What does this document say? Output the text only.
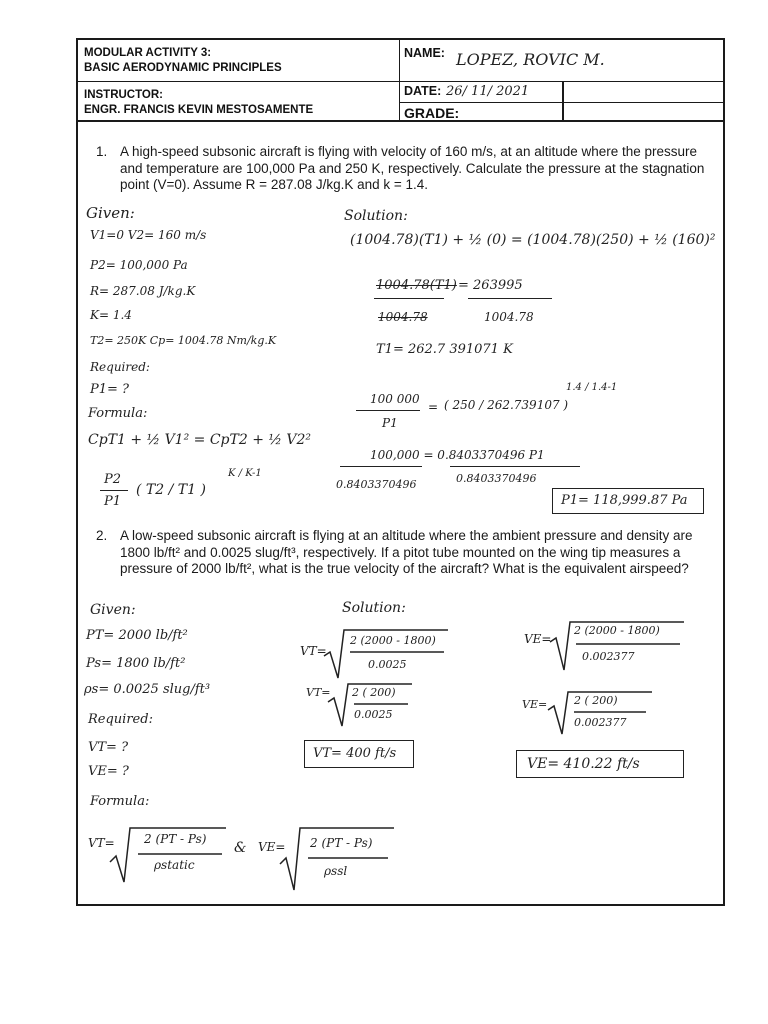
MODULAR ACTIVITY 3:
BASIC AERODYNAMIC PRINCIPLES
NAME: LOPEZ, ROVIC M.
INSTRUCTOR:
ENGR. FRANCIS KEVIN MESTOSAMENTE
DATE: 26/ 11/ 2021
GRADE:
1. A high-speed subsonic aircraft is flying with velocity of 160 m/s, at an altitude where the pressure and temperature are 100,000 Pa and 250 K, respectively. Calculate the pressure at the stagnation point (V=0). Assume R = 287.08 J/kg.K and k = 1.4.
Given:
V1=0 V2= 160 m/s
P2= 100,000 Pa
R= 287.08 J/kg.K
K= 1.4
T2= 250K Cp= 1004.78 Nm/kg.K
Required:
P1= ?
Formula:
CpT1 + ½ V1² = CpT2 + ½ V2²
P2
P1
( T2 / T1 )
K / K-1
Solution:
(1004.78)(T1) + ½ (0) = (1004.78)(250) + ½ (160)²
1004.78(T1) = 263995
1004.78	1004.78
T1= 262.7 391071 K
100 000
P1
= ( 250 / 262.739107 )
1.4 / 1.4-1
100,000 = 0.8403370496 P1
0.8403370496	0.8403370496
P1= 118,999.87 Pa
2. A low-speed subsonic aircraft is flying at an altitude where the ambient pressure and density are 1800 lb/ft² and 0.0025 slug/ft³, respectively. If a pitot tube mounted on the wing tip measures a pressure of 2000 lb/ft², what is the true velocity of the aircraft? What is the equivalent airspeed?
Given:
PT= 2000 lb/ft²
Ps= 1800 lb/ft²
ρs= 0.0025 slug/ft³
Required:
VT= ?
VE= ?
Formula:
VT= 2 (PT - Ps)
ρstatic
& VE= 2 (PT - Ps)
ρssl
Solution:
VT=
2 (2000 - 1800)
0.0025
VT= 2 ( 200)
0.0025
VT= 400 ft/s
VE=
2 (2000 - 1800)
0.002377
VE= 2 ( 200)
0.002377
VE= 410.22 ft/s
